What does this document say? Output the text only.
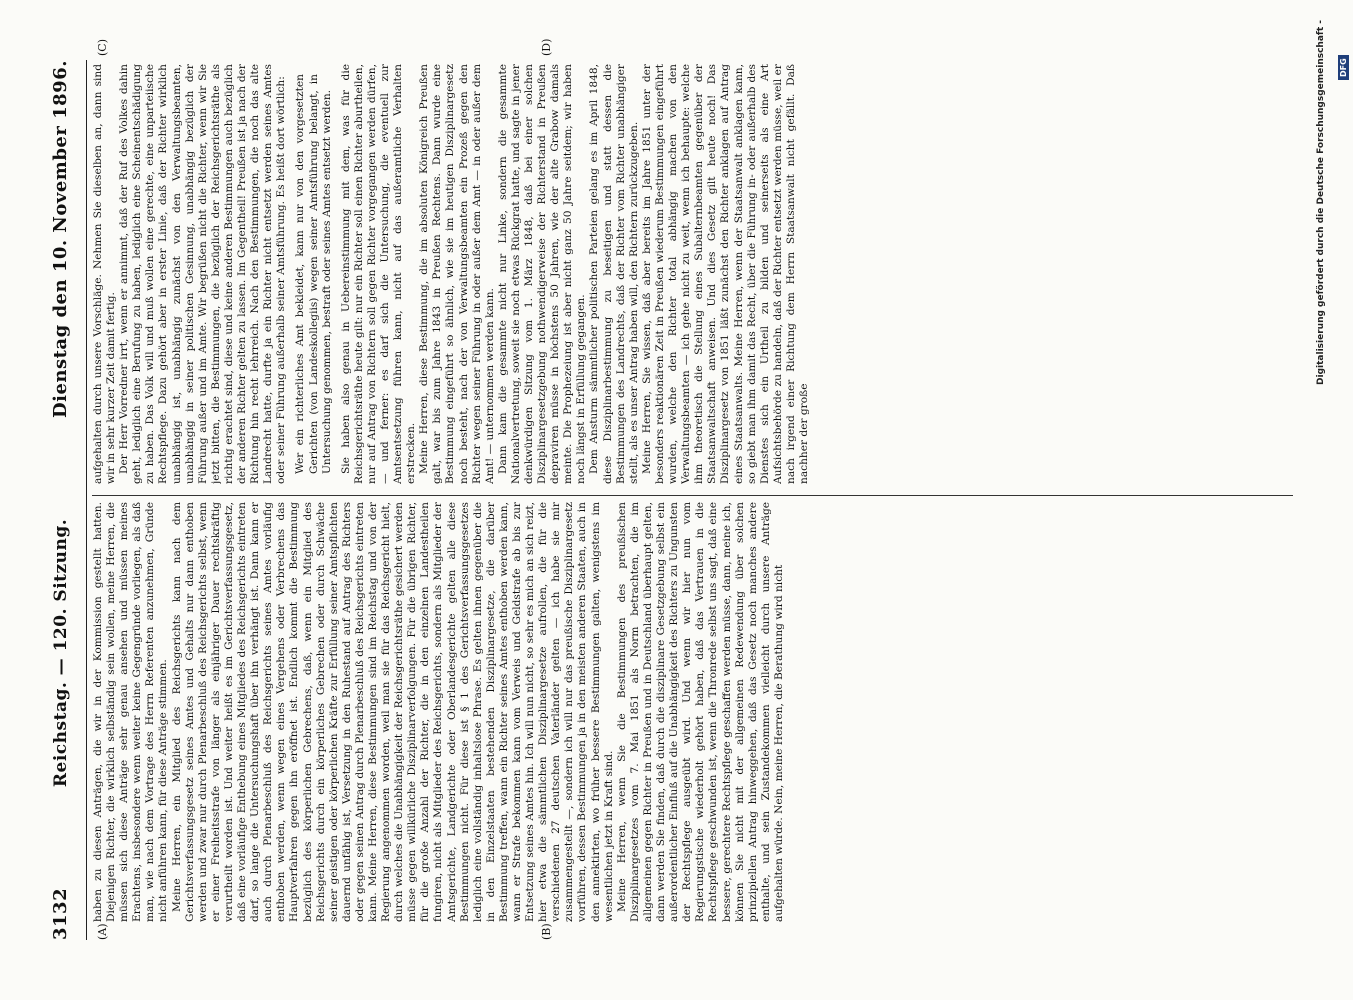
3132
Reichstag. — 120. Sitzung.
Dienstag den 10. November 1896.
(A)	(B)
(C)	(D)

haben zu diesen Anträgen, die wir in der Kommission gestellt hatten. Diejenigen Richter, die wirklich selbständig sein wollen, meine Herren, die müssen sich diese Anträge sehr genau ansehen und müssen meines Erachtens, insbesondere wenn weiter keine Gegengründe vorliegen, als daß man, wie nach dem Vortrage des Herrn Referenten anzunehmen, Gründe nicht anführen kann, für diese Anträge stimmen. Meine Herren, ein Mitglied des Reichsgerichts kann nach dem Gerichtsverfassungsgesetz seines Amtes und Gehalts nur dann enthoben werden und zwar nur durch Plenarbeschluß des Reichsgerichts selbst, wenn er einer Freiheitsstrafe von länger als einjähriger Dauer rechtskräftig verurtheilt worden ist. Und weiter heißt es im Gerichtsverfassungsgesetz, daß eine vorläufige Enthebung eines Mitgliedes des Reichsgerichts eintreten darf, so lange die Untersuchungshaft über ihn verhängt ist. Dann kann er auch durch Plenarbeschluß des Reichsgerichts seines Amtes vorläufig enthoben werden, wenn wegen eines Vergehens oder Verbrechens das Hauptverfahren gegen ihn eröffnet ist. Endlich kommt die Bestimmung bezüglich des körperlichen Gebrechens, daß, wenn ein Mitglied des Reichsgerichts durch ein körperliches Gebrechen oder durch Schwäche seiner geistigen oder körperlichen Kräfte zur Erfüllung seiner Amtspflichten dauernd unfähig ist, Versetzung in den Ruhestand auf Antrag des Richters oder gegen seinen Antrag durch Plenarbeschluß des Reichsgerichts eintreten kann. Meine Herren, diese Bestimmungen sind im Reichstag und von der Regierung angenommen worden, weil man sie für das Reichsgericht hielt, durch welches die Unabhängigkeit der Reichsgerichtsräthe gesichert werden müsse gegen willkürliche Disziplinarverfolgungen. Für die übrigen Richter, für die große Anzahl der Richter, die in den einzelnen Landestheilen fungiren, nicht als Mitglieder des Reichsgerichts, sondern als Mitglieder der Amtsgerichte, Landgerichte oder Oberlandesgerichte gelten alle diese Bestimmungen nicht. Für diese ist § 1 des Gerichtsverfassungsgesetzes lediglich eine vollständig inhaltslose Phrase. Es gelten ihnen gegenüber die in den Einzelstaaten bestehenden Disziplinargesetze, die darüber Bestimmung treffen, wann ein Richter seines Amtes enthoben werden kann, wann er Strafe bekommen kann vom Verweis und Geldstrafe ab bis zur Entsetzung seines Amtes hin. Ich will nun nicht, so sehr es mich an sich reizt, hier etwa die sämmtlichen Disziplinargesetze aufrollen, die für die verschiedenen 27 deutschen Vaterländer gelten — ich habe sie mir zusammengestellt —, sondern ich will nur das preußische Disziplinargesetz vorführen, dessen Bestimmungen ja in den meisten anderen Staaten, auch in den annektirten, wo früher bessere Bestimmungen galten, wenigstens im wesentlichen jetzt in Kraft sind. Meine Herren, wenn Sie die Bestimmungen des preußischen Disziplinargesetzes vom 7. Mai 1851 als Norm betrachten, die im allgemeinen gegen Richter in Preußen und in Deutschland überhaupt gelten, dann werden Sie finden, daß durch die disziplinare Gesetzgebung selbst ein außerordentlicher Einfluß auf die Unabhängigkeit des Richters zu Ungunsten der Rechtspflege ausgeübt wird. Und wenn wir hier nun vom Regierungstische wiederholt gehört haben, daß das Vertrauen in die Rechtspflege geschwunden ist, wenn die Thronrede selbst uns sagt, daß eine bessere, gerechtere Rechtspflege geschaffen werden müsse, dann, meine ich, können Sie nicht mit der allgemeinen Redewendung über solchen prinzipiellen Antrag hinweggehen, daß das Gesetz noch manches andere enthalte, und sein Zustandekommen vielleicht durch unsere Anträge aufgehalten würde. Nein, meine Herren, die Berathung wird nicht

aufgehalten durch unsere Vorschläge. Nehmen Sie dieselben an, dann sind wir in sehr kurzer Zeit damit fertig. Der Herr Vorredner irrt, wenn er annimmt, daß der Ruf des Volkes dahin geht, lediglich eine Berufung zu haben, lediglich eine Scheinentschädigung zu haben. Das Volk will und muß wollen eine gerechte, eine unparteiische Rechtspflege. Dazu gehört aber in erster Linie, daß der Richter wirklich unabhängig ist, unabhängig zunächst von den Verwaltungsbeamten, unabhängig in seiner politischen Gesinnung, unabhängig bezüglich der Führung außer und im Amte. Wir begrüßen nicht die Richter, wenn wir Sie jetzt bitten, die Bestimmungen, die bezüglich der Reichsgerichtsräthe als richtig erachtet sind, diese und keine anderen Bestimmungen auch bezüglich der anderen Richter gelten zu lassen. Im Gegentheil! Preußen ist ja nach der Richtung hin recht lehrreich. Nach den Bestimmungen, die noch das alte Landrecht hatte, durfte ja ein Richter nicht entsetzt werden seines Amtes oder seiner Führung außerhalb seiner Amtsführung. Es heißt dort wörtlich: Wer ein richterliches Amt bekleidet, kann nur von den vorgesetzten Gerichten (von Landeskollegiis) wegen seiner Amtsführung belangt, in Untersuchung genommen, bestraft oder seines Amtes entsetzt werden. Sie haben also genau in Uebereinstimmung mit dem, was für die Reichsgerichtsräthe heute gilt: nur ein Richter soll einen Richter aburtheilen, nur auf Antrag von Richtern soll gegen Richter vorgegangen werden dürfen, — und ferner: es darf sich die Untersuchung, die eventuell zur Amtsentsetzung führen kann, nicht auf das außeramtliche Verhalten erstrecken. Meine Herren, diese Bestimmung, die im absoluten Königreich Preußen galt, war bis zum Jahre 1843 in Preußen Rechtens. Dann wurde eine Bestimmung eingeführt so ähnlich, wie sie im heutigen Disziplinargesetz noch besteht, nach der von Verwaltungsbeamten ein Prozeß gegen den Richter wegen seiner Führung in oder außer dem Amt — in oder außer dem Amt! — unternommen werden kann. Dann kam die gesammte nicht nur Linke, sondern die gesammte Nationalvertretung, soweit sie noch etwas Rückgrat hatte, und sagte in jener denkwürdigen Sitzung vom 1. März 1848, daß bei einer solchen Disziplinargesetzgebung nothwendigerweise der Richterstand in Preußen depraviren müsse in höchstens 50 Jahren, wie der alte Grabow damals meinte. Die Prophezeiung ist aber nicht ganz 50 Jahre seitdem; wir haben noch längst in Erfüllung gegangen. Dem Ansturm sämmtlicher politischen Parteien gelang es im April 1848, diese Disziplinarbestimmung zu beseitigen und statt dessen die Bestimmungen des Landrechts, daß der Richter vom Richter unabhängiger stellt, als es unser Antrag haben will, den Richtern zurückzugeben. Meine Herren, Sie wissen, daß aber bereits im Jahre 1851 unter der besonders reaktionären Zeit in Preußen wiederum Bestimmungen eingeführt wurden, welche den Richter total abhängig machen von den Verwaltungsbeamten — ich gehe nicht zu weit, wenn ich behaupte: welche ihm theoretisch die Stellung eines Subalternbeamten gegenüber der Staatsanwaltschaft anweisen. Und dies Gesetz gilt heute noch! Das Disziplinargesetz von 1851 läßt zunächst den Richter anklagen auf Antrag eines Staatsanwalts. Meine Herren, wenn der Staatsanwalt anklagen kann, so giebt man ihm damit das Recht, über die Führung in- oder außerhalb des Dienstes sich ein Urtheil zu bilden und seinerseits als eine Art Aufsichtsbehörde zu handeln, daß der Richter entsetzt werden müsse, weil er nach irgend einer Richtung dem Herrn Staatsanwalt nicht gefällt. Daß nachher der große

Digitalisierung gefördert durch die Deutsche Forschungsgemeinschaft - DFG
